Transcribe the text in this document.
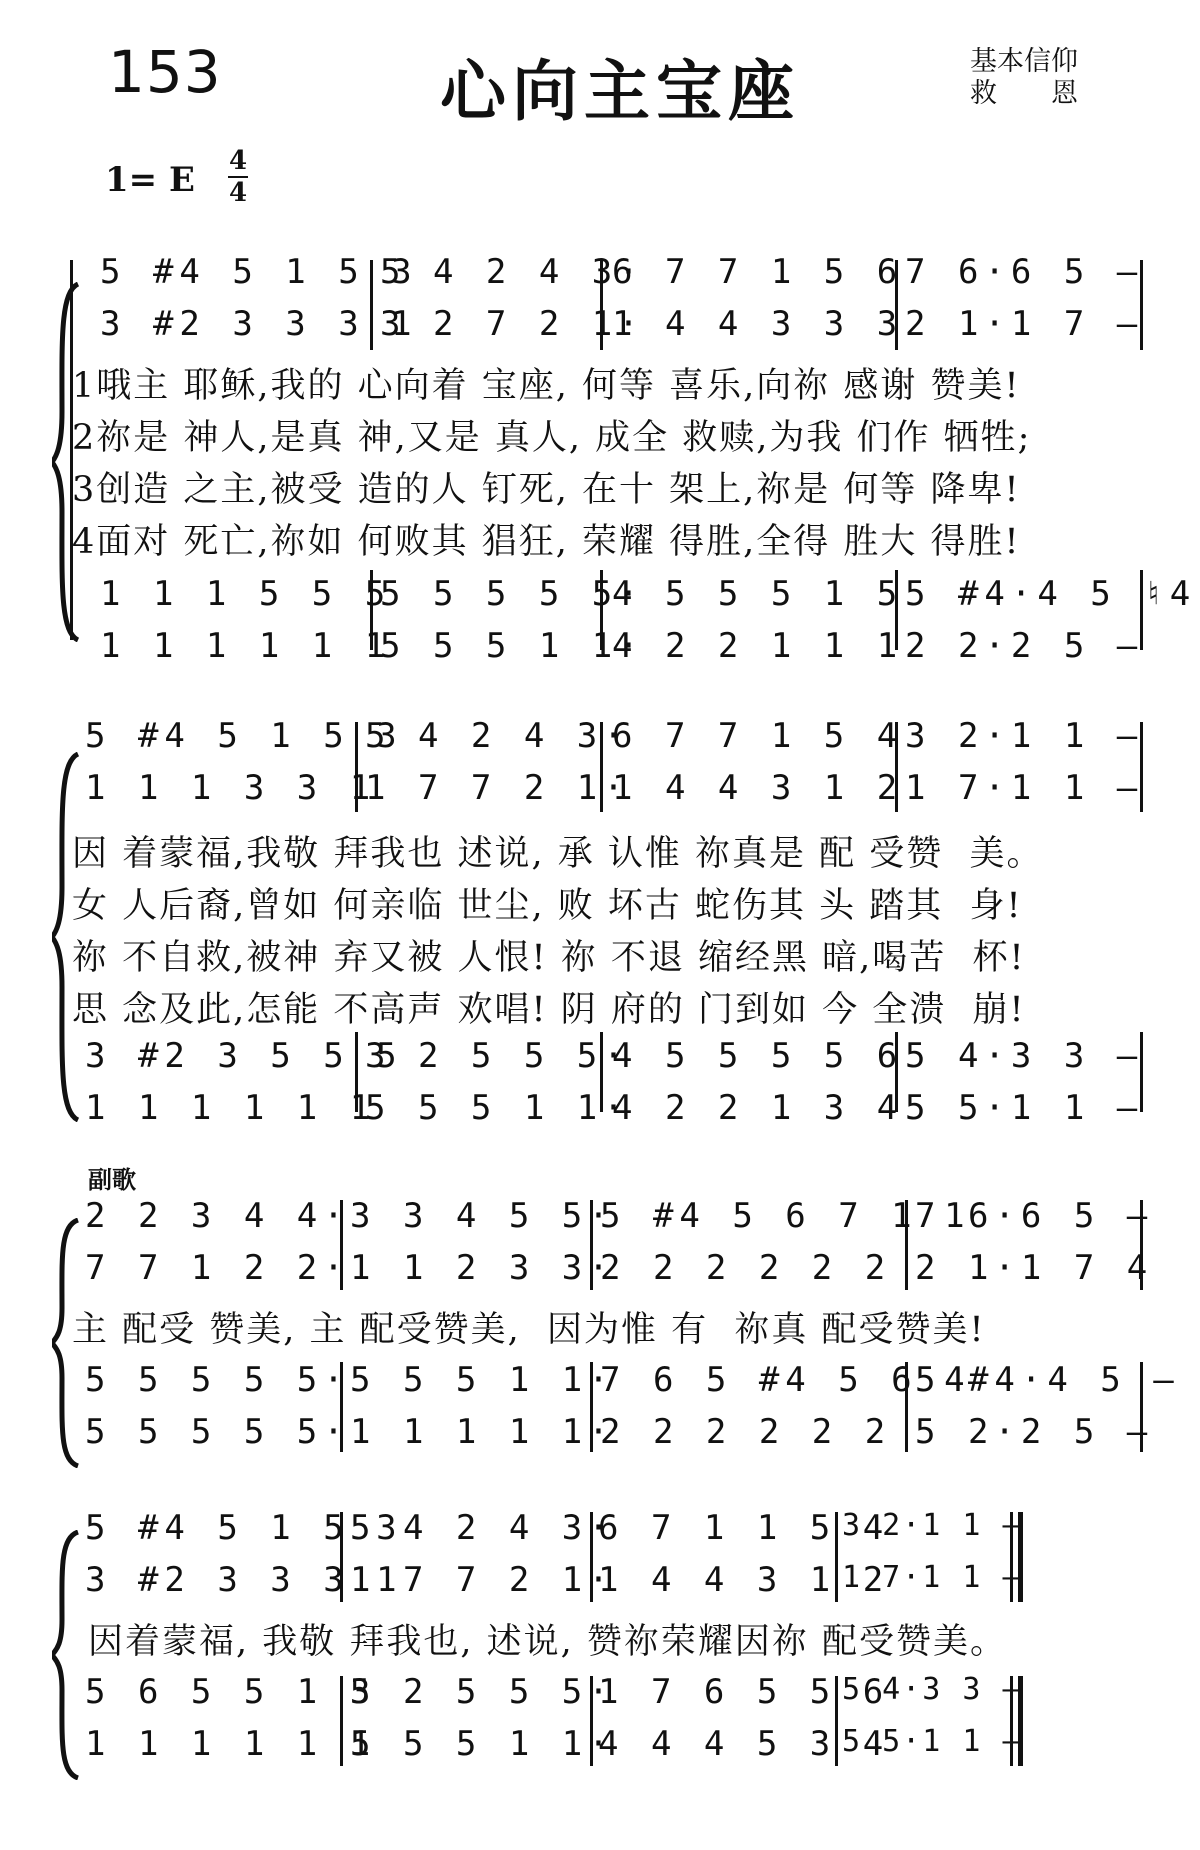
153	心向主宝座	基本信仰
救　　恩
1= E 4
4
5 #4 5 1 5 3
5 4 2 4 3·
6 7 7 1 5 6 7 6·6 5 —
3 #2 3 3 3 1
3 2 7 2 1·
1 4 4 3 3 3 2 1·1 7 —
1哦主 耶稣,我的 心向着 宝座, 何等 喜乐,向祢 感谢 赞美!
2祢是 神人,是真 神,又是 真人, 成全 救赎,为我 们作 牺牲;
3创造 之主,被受 造的人 钉死, 在十 架上,祢是 何等 降卑!
4面对 死亡,祢如 何败其 猖狂, 荣耀 得胜,全得 胜大 得胜!
1 1 1 5 5 5
5 5 5 5 5·
4 5 5 5 1 5 5 #4·4 5 ♮4
1 1 1 1 1 1
5 5 5 1 1·
4 2 2 1 1 1 2 2·2 5 —
5 #4 5 1 5 3
5 4 2 4 3·
6 7 7 1 5 4 3 2·1 1 —
1 1 1 3 3 1
1 7 7 2 1·
1 4 4 3 1 2 1 7·1 1 —
因 着蒙福,我敬 拜我也 述说, 承 认惟 祢真是 配 受赞  美。
女 人后裔,曾如 何亲临 世尘, 败 坏古 蛇伤其 头 踏其  身!
祢 不自救,被神 弃又被 人恨! 祢 不退 缩经黑 暗,喝苦  杯!
思 念及此,怎能 不高声 欢唱! 阴 府的 门到如 今 全溃  崩!
3 #2 3 5 5 5
3 2 5 5 5·
4 5 5 5 5 6 5 4·3 3 —
1 1 1 1 1 1
5 5 5 1 1·
4 2 2 1 3 4 5 5·1 1 —
副歌
2 2 3 4 4· 3 3 4 5 5·
5 #4 5 6 7 1 1
7 6·6 5 —
7 7 1 2 2· 1 1 2 3 3·
2 2 2 2 2 2 2 1·1 7 4
主 配受 赞美, 主 配受赞美,  因为惟 有  祢真 配受赞美!
5 5 5 5 5· 5 5 5 1 1·
7 6 5 #4 5 6 4
5 #4·4 5 —
5 5 5 5 5· 1 1 1 1 1·
2 2 2 2 2 2 5 2·2 5 —
5 #4 5 1 5 3
5 4 2 4 3·
6 7 1 1 5 4
3 2·1 1 —
3 #2 3 3 3 1
1 7 7 2 1·
1 4 4 3 1 2
1 7·1 1 —
因着蒙福, 我敬 拜我也, 述说, 赞祢荣耀因祢 配受赞美。
5 6 5 5 1 5
3 2 5 5 5·
1 7 6 5 5 6
5 4·3 3 —
1 1 1 1 1 1
5 5 5 1 1·
4 4 4 5 3 4
5 5·1 1 —
